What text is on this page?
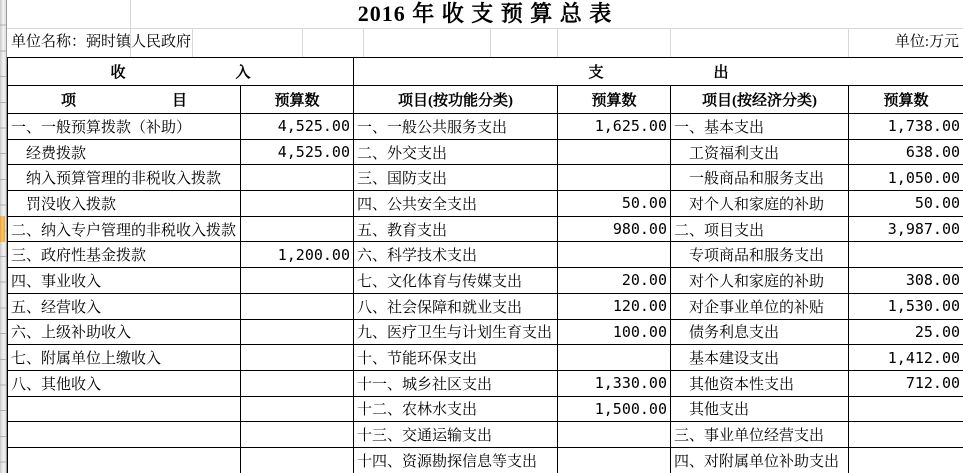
2016 年 收 支 预 算 总 表
单位名称：弼时镇人民政府	单位:万元
收 入		支 出			

项 目	预算数	项目(按功能分类)	预算数	项目(按经济分类)	预算数
一、一般预算拨款（补助）	4,525.00	一、一般公共服务支出	1,625.00	一、基本支出	1,738.00
　经费拨款	4,525.00	二、外交支出		　工资福利支出	638.00
　纳入预算管理的非税收入拨款		三、国防支出		　一般商品和服务支出	1,050.00
　罚没收入拨款		四、公共安全支出	50.00	　对个人和家庭的补助	50.00
二、纳入专户管理的非税收入拨款		五、教育支出	980.00	二、项目支出	3,987.00
三、政府性基金拨款	1,200.00	六、科学技术支出		　专项商品和服务支出	
四、事业收入		七、文化体育与传媒支出	20.00	　对个人和家庭的补助	308.00
五、经营收入		八、社会保障和就业支出	120.00	　对企事业单位的补贴	1,530.00
六、上级补助收入		九、医疗卫生与计划生育支出	100.00	　债务利息支出	25.00
七、附属单位上缴收入		十、节能环保支出		　基本建设支出	1,412.00
八、其他收入		十一、城乡社区支出	1,330.00	　其他资本性支出	712.00
		十二、农林水支出	1,500.00	　其他支出	
		十三、交通运输支出		三、事业单位经营支出	
		十四、资源勘探信息等支出		四、对附属单位补助支出	
